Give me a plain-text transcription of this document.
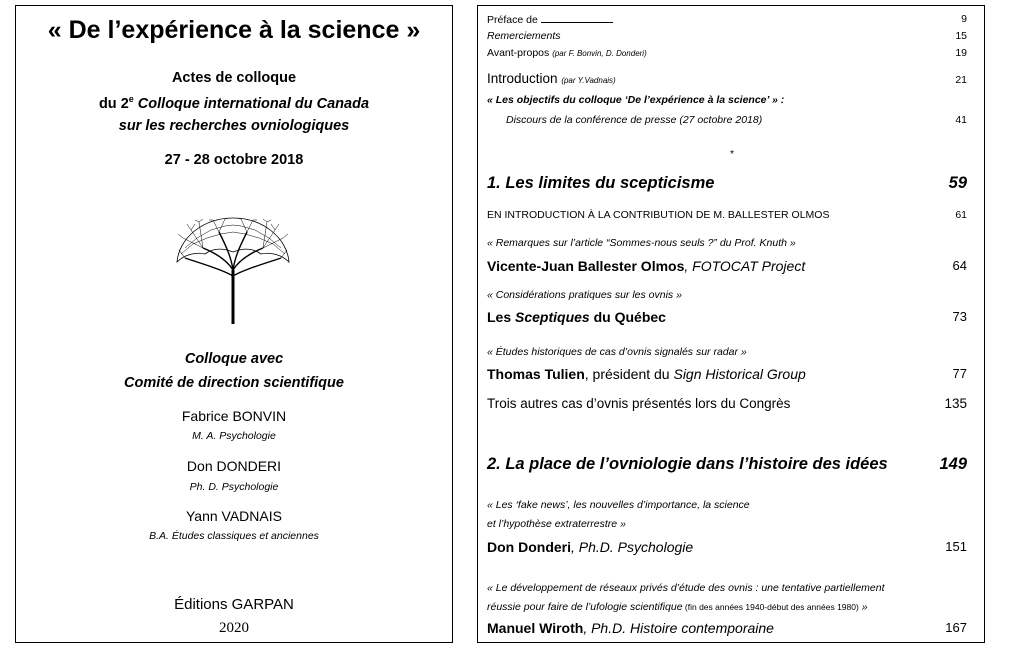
« De l’expérience à la science »
Actes de colloque
du 2e Colloque international du Canada
sur les recherches ovniologiques
27 - 28 octobre 2018
Colloque avec
Comité de direction scientifique
Fabrice BONVIN
M. A. Psychologie
Don DONDERI
Ph. D. Psychologie
Yann VADNAIS
B.A. Études classiques et anciennes
Éditions GARPAN
2020
Préface de	9
Remerciements	15
Avant-propos (par F. Bonvin, D. Donderi)	19
Introduction (par Y.Vadnais)	21
« Les objectifs du colloque ‘De l’expérience à la science’ » :
Discours de la conférence de presse (27 octobre 2018)	41
*
1. Les limites du scepticisme	59
EN INTRODUCTION À LA CONTRIBUTION DE M. BALLESTER OLMOS	61
« Remarques sur l’article “Sommes-nous seuls ?” du Prof. Knuth »
Vicente-Juan Ballester Olmos, FOTOCAT Project	64
« Considérations pratiques sur les ovnis »
Les Sceptiques du Québec	73
« Études historiques de cas d’ovnis signalés sur radar »
Thomas Tulien, président du Sign Historical Group	77
Trois autres cas d’ovnis présentés lors du Congrès	135
2. La place de l’ovniologie dans l’histoire des idées	149
« Les ‘fake news’, les nouvelles d’importance, la science
et l’hypothèse extraterrestre »
Don Donderi, Ph.D. Psychologie	151
« Le développement de réseaux privés d’étude des ovnis : une tentative partiellement
réussie pour faire de l’ufologie scientifique (fin des années 1940-début des années 1980) »
Manuel Wiroth, Ph.D. Histoire contemporaine	167
